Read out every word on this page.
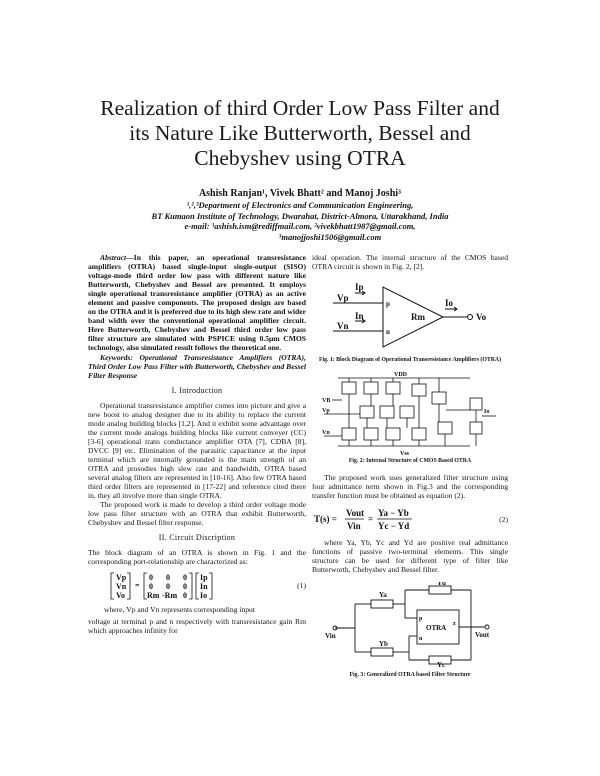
Realization of third Order Low Pass Filter and
its Nature Like Butterworth, Bessel and
Chebyshev using OTRA
Ashish Ranjan¹, Vivek Bhatt² and Manoj Joshi³
¹,²,³Department of Electronics and Communication Engineering,
BT Kumaon Institute of Technology, Dwarahat, District-Almora, Uttarakhand, India
e-mail: ¹ashish.ism@rediffmail.com, ²vivekbhatt1987@gmail.com,
³manojjoshi1506@gmail.com

Abstract—In this paper, an operational transresistance amplifiers (OTRA) based single-input single-output (SISO) voltage-mode third order low pass with different nature like Butterworth, Chebyshev and Bessel are presented. It employs single operational transresistance amplifier (OTRA) as an active element and passive components. The proposed design are based on the OTRA and it is preferred due to its high slew rate and wider band width over the conventional operational amplifier circuit. Here Butterworth, Chebyshev and Bessel third order low pass filter structure are simulated with PSPICE using 0.5μm CMOS technology, also simulated result follows the theoretical one.

Keywords: Operational Transresistance Amplifiers (OTRA), Third Order Low Pass Filter with Butterworth, Chebyshev and Bessel Filter Response

I. Introduction

Operational transresistance amplifier comes into picture and give a new boost to analog designer due to its ability to replace the current mode analog building blocks [1,2]. And it exhibit some advantage over the current mode analogs building blocks like current conveyer (CC) [3-6] operational trans conductance amplifier OTA [7], CDBA [8], DVCC [9] etc. Elimination of the parasitic capacitance at the input terminal which are internally grounded is the main strength of an OTRA and prosodies high slew rate and bandwidth. OTRA based several analog filters are represented in [10-16]. Also few OTRA based third order filters are represented in [17-22] and reference cited there in, they all involve more than single OTRA.

The proposed work is made to develop a third order voltage mode low pass filter structure with an OTRA that exhibit Butterworth, Chebyshev and Bessel filter response.

II. Circuit Discription

The block diagram of an OTRA is shown in Fig. 1 and the corresponding port-relationship are characterized as:

Vp
Vn
Vo
=
0 0 0
0 0 0
Rm -Rm 0
Ip
In
Io
(1)

where, Vp and Vn represents corresponding input

voltage at terminal p and n respectively with transresistance gain Rm which approaches infinity for

ideal operation. The internal structure of the CMOS based OTRA circuit is shown in Fig. 2, [2].

Ip
Vp
In
Vn
Io
Rm	Vo
p
n

Fig. 1: Block Diagram of Operational Transresistance Amplifiers (OTRA)

VDD
Vss
VB
Vp
Vn
Io

Fig. 2: Internal Structure of CMOS Based OTRA

The proposed work uses generalized filter structure using four admittance term shown in Fig.3 and the corresponding transfer function must be obtained as equation (2).

T(s) =
Vout
Vin
=
Ya − Yb
Yc − Yd
(2)

where Ya, Yb, Yc and Yd are positive real admittance functions of passive two-terminal elements. This single structure can be used for different type of filter like Butterworth, Chebyshev and Bessel filter.

Ya
Yb
Yc
Yd
Vin	Vout
OTRA
p
n
z

Fig. 3: Generalized OTRA based Filter Structure
